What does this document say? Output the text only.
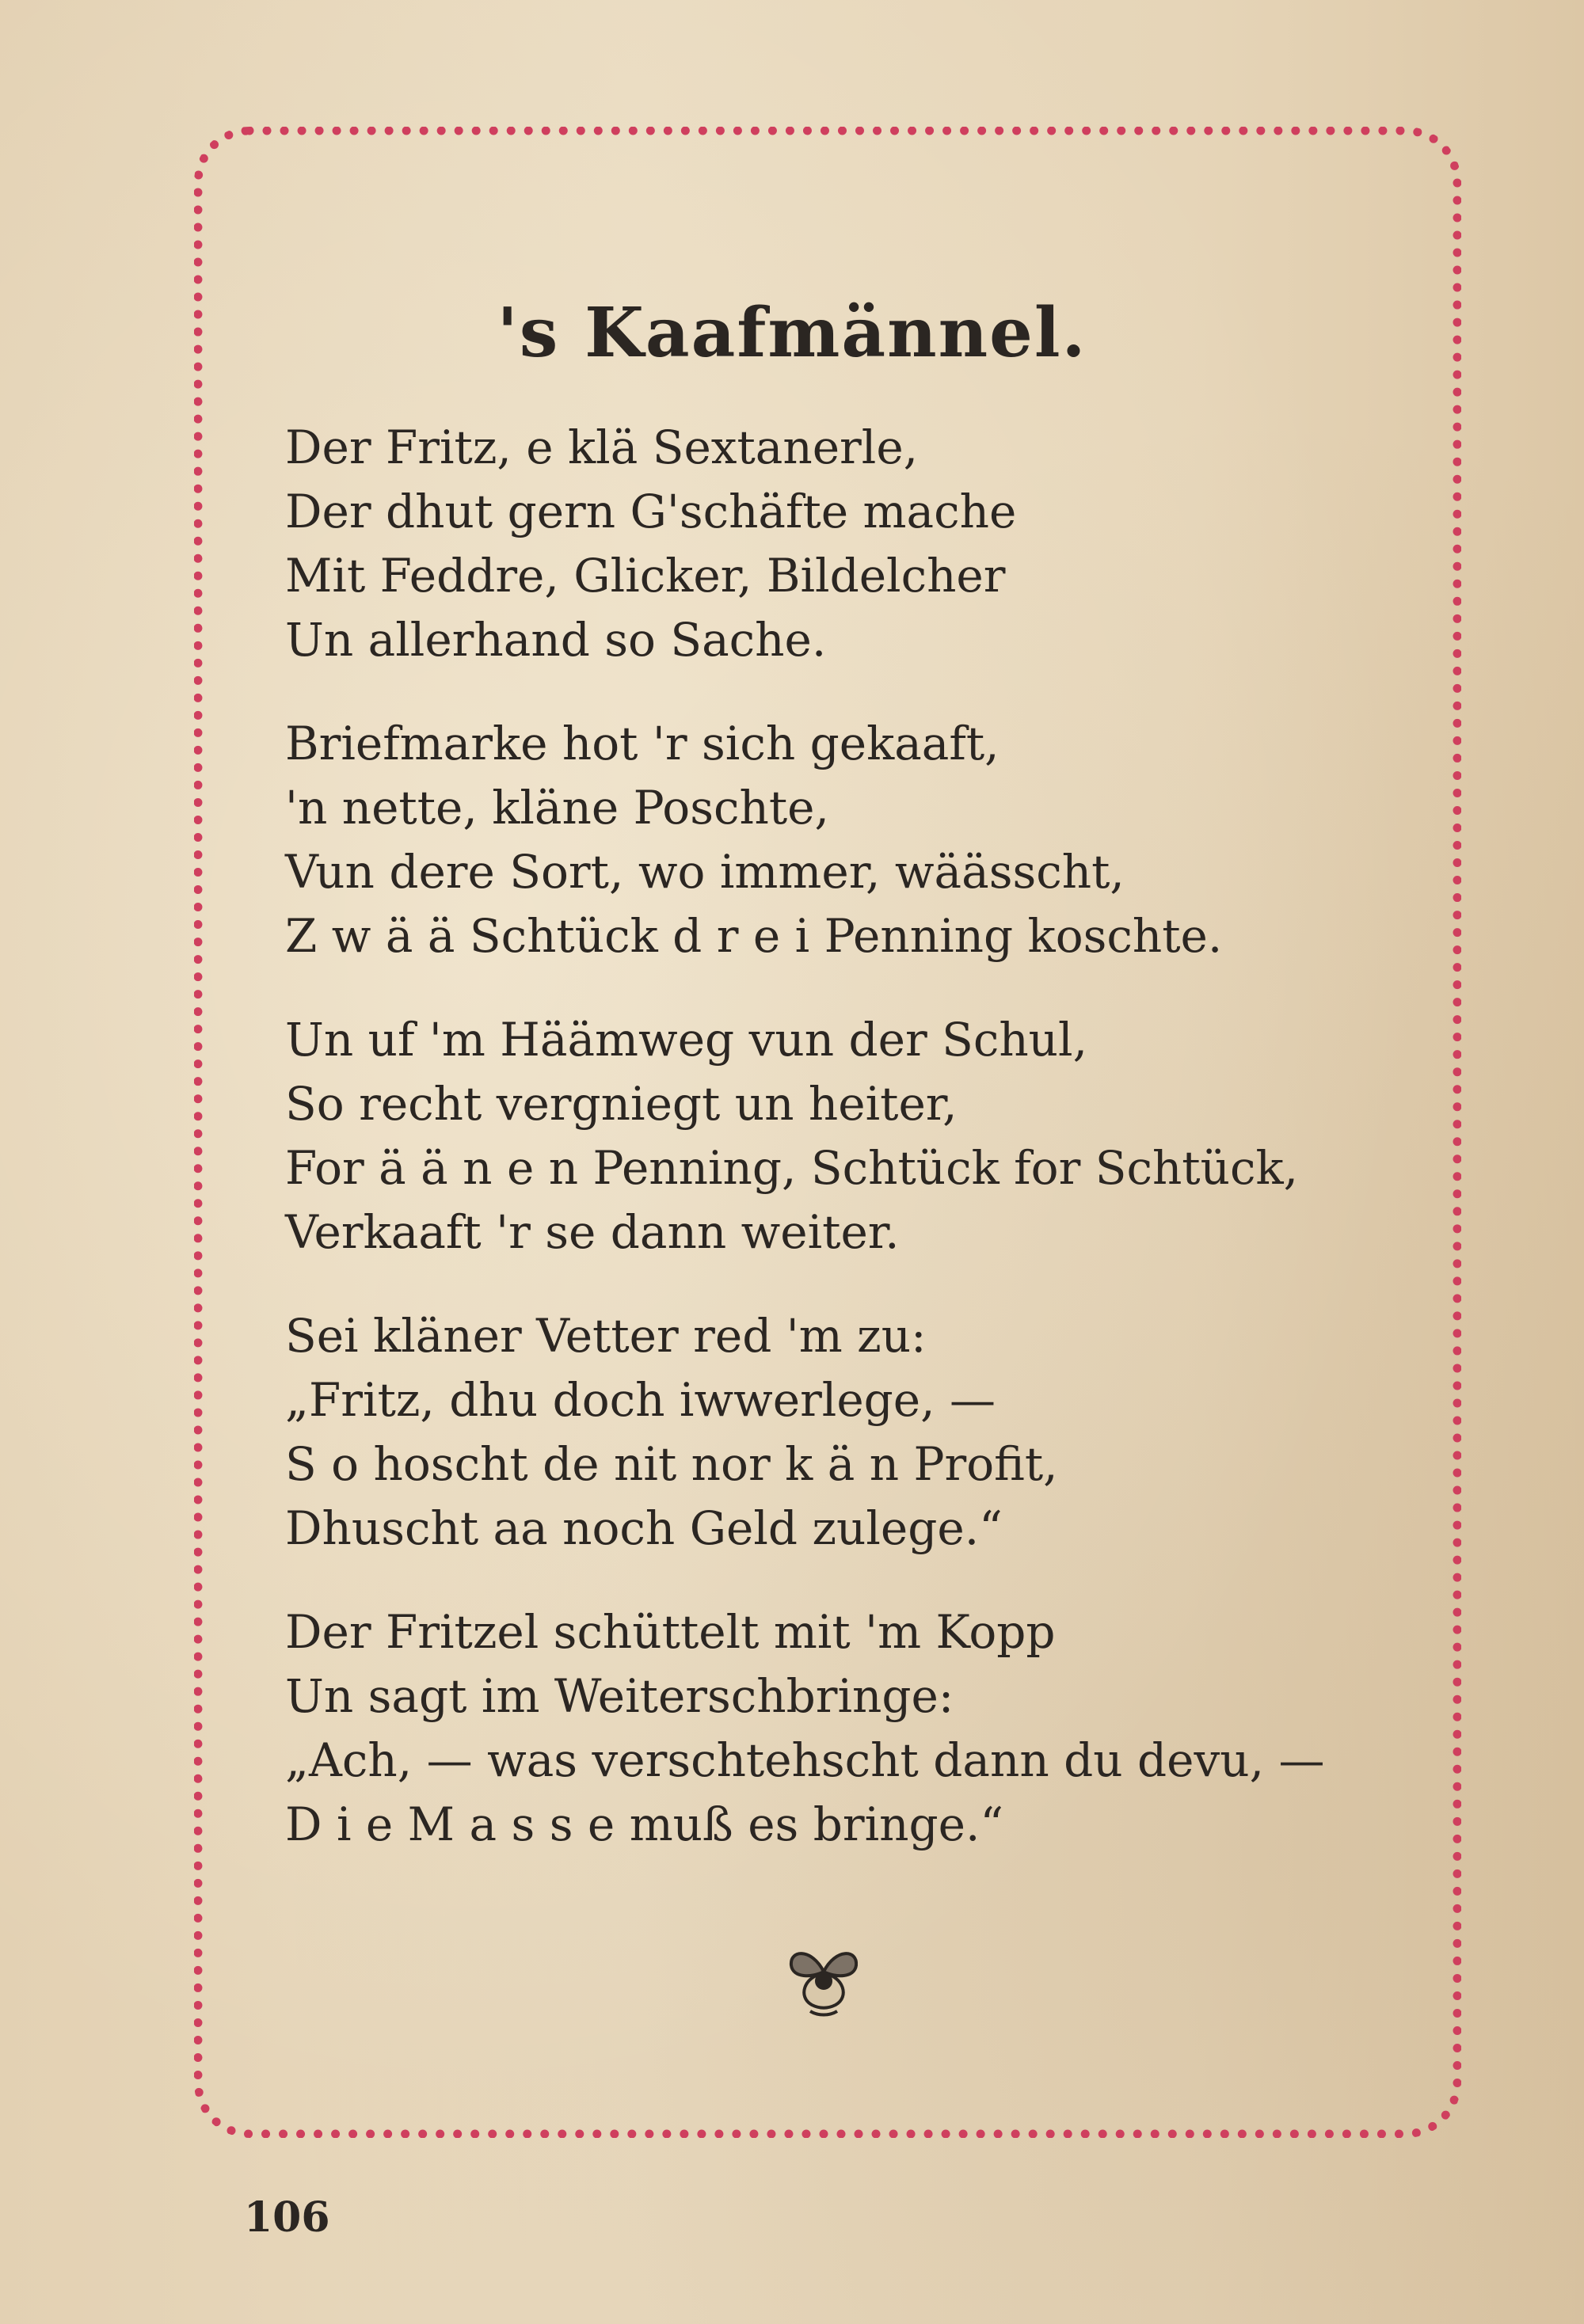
's Kaafmännel.
Der Fritz, e klä Sextanerle,
Der dhut gern G'schäfte mache
Mit Feddre, Glicker, Bildelcher
Un allerhand so Sache.
Briefmarke hot 'r sich gekaaft,
'n nette, kläne Poschte,
Vun dere Sort, wo immer, wäässcht,
Z w ä ä Schtück d r e i Penning koschte.
Un uf 'm Häämweg vun der Schul,
So recht vergniegt un heiter,
For ä ä n e n Penning, Schtück for Schtück,
Verkaaft 'r se dann weiter.
Sei kläner Vetter red 'm zu:
„Fritz, dhu doch iwwerlege, —
S o hoscht de nit nor k ä n Profit,
Dhuscht aa noch Geld zulege.“
Der Fritzel schüttelt mit 'm Kopp
Un sagt im Weiterschbringe:
„Ach, — was verschtehscht dann du devu, —
D i e M a s s e muß es bringe.“
106
